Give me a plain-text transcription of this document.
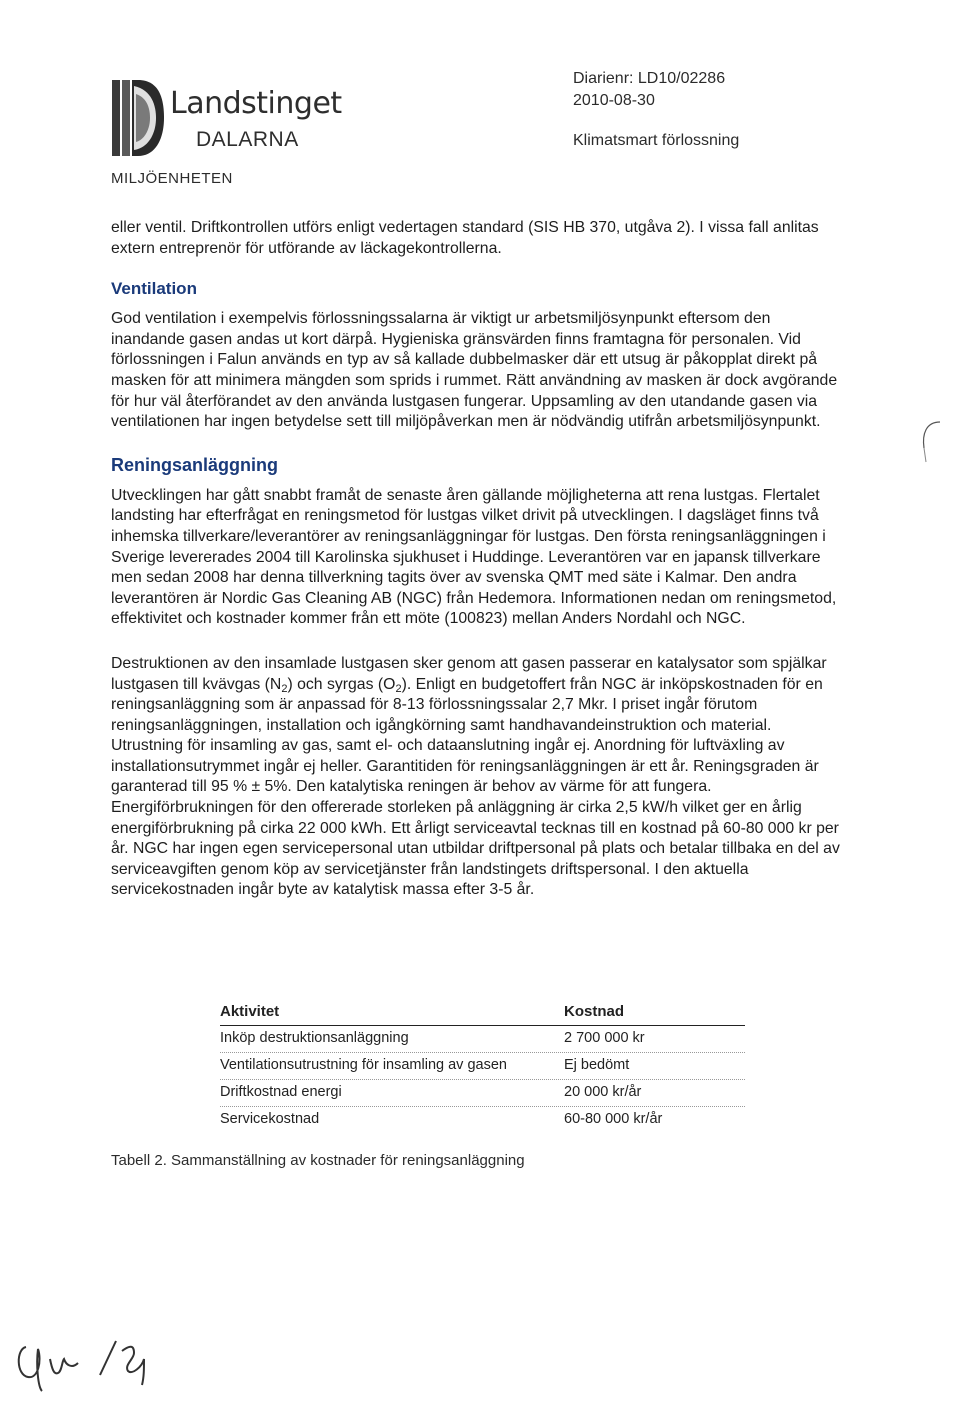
Landstinget
DALARNA
MILJÖENHETEN
Diarienr: LD10/02286
2010-08-30
Klimatsmart förlossning

eller ventil. Driftkontrollen utförs enligt vedertagen standard (SIS HB 370, utgåva 2). I vissa fall anlitas extern entreprenör för utförande av läckagekontrollerna.

Ventilation

God ventilation i exempelvis förlossningssalarna är viktigt ur arbetsmiljösynpunkt eftersom den inandande gasen andas ut kort därpå. Hygieniska gränsvärden finns framtagna för personalen. Vid förlossningen i Falun används en typ av så kallade dubbelmasker där ett utsug är påkopplat direkt på masken för att minimera mängden som sprids i rummet. Rätt användning av masken är dock avgörande för hur väl återförandet av den använda lustgasen fungerar. Uppsamling av den utandande gasen via ventilationen har ingen betydelse sett till miljöpåverkan men är nödvändig utifrån arbetsmiljösynpunkt.

Reningsanläggning

Utvecklingen har gått snabbt framåt de senaste åren gällande möjligheterna att rena lustgas. Flertalet landsting har efterfrågat en reningsmetod för lustgas vilket drivit på utvecklingen. I dagsläget finns två inhemska tillverkare/leverantörer av reningsanläggningar för lustgas. Den första reningsanläggningen i Sverige levererades 2004 till Karolinska sjukhuset i Huddinge. Leverantören var en japansk tillverkare men sedan 2008 har denna tillverkning tagits över av svenska QMT med säte i Kalmar. Den andra leverantören är Nordic Gas Cleaning AB (NGC) från Hedemora. Informationen nedan om reningsmetod, effektivitet och kostnader kommer från ett möte (100823) mellan Anders Nordahl och NGC.

Destruktionen av den insamlade lustgasen sker genom att gasen passerar en katalysator som spjälkar lustgasen till kvävgas $(N_2)$ och syrgas $(O_2)$. Enligt en budgetoffert från NGC är inköpskostnaden för en reningsanläggning som är anpassad för 8-13 förlossningssalar 2,7 Mkr. I priset ingår förutom reningsanläggningen, installation och igångkörning samt handhavandeinstruktion och material. Utrustning för insamling av gas, samt el- och dataanslutning ingår ej. Anordning för luftväxling av installationsutrymmet ingår ej heller. Garantitiden för reningsanläggningen är ett år. Reningsgraden är garanterad till 95 % ± 5%. Den katalytiska reningen är behov av värme för att fungera. Energiförbrukningen för den offererade storleken på anläggning är cirka 2,5 kW/h vilket ger en årlig energiförbrukning på cirka 22 000 kWh. Ett årligt serviceavtal tecknas till en kostnad på 60-80 000 kr per år. NGC har ingen egen servicepersonal utan utbildar driftpersonal på plats och betalar tillbaka en del av serviceavgiften genom köp av servicetjänster från landstingets driftspersonal. I den aktuella servicekostnaden ingår byte av katalytisk massa efter 3-5 år.

Aktivitet	Kostnad
Inköp destruktionsanläggning	2 700 000 kr
Ventilationsutrustning för insamling av gasen	Ej bedömt
Driftkostnad energi	20 000 kr/år
Servicekostnad	60-80 000 kr/år
Tabell 2. Sammanställning av kostnader för reningsanläggning
